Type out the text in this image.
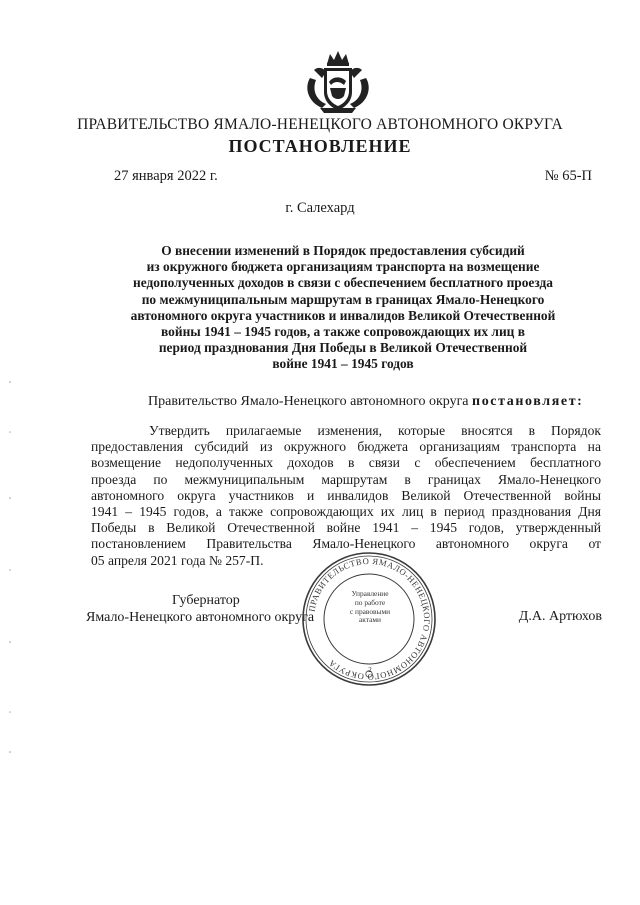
ПРАВИТЕЛЬСТВО ЯМАЛО-НЕНЕЦКОГО АВТОНОМНОГО ОКРУГА
ПОСТАНОВЛЕНИЕ
27 января 2022 г.	№ 65-П
г. Салехард
О внесении изменений в Порядок предоставления субсидий
из окружного бюджета организациям транспорта на возмещение
недополученных доходов в связи с обеспечением бесплатного проезда
по межмуниципальным маршрутам в границах Ямало-Ненецкого
автономного округа участников и инвалидов Великой Отечественной
войны 1941 – 1945 годов, а также сопровождающих их лиц в
период празднования Дня Победы в Великой Отечественной
войне 1941 – 1945 годов
Правительство Ямало-Ненецкого автономного округа постановляет:
Утвердить прилагаемые изменения, которые вносятся в Порядок
предоставления субсидий из окружного бюджета организациям транспорта на
возмещение недополученных доходов в связи с обеспечением бесплатного
проезда по межмуниципальным маршрутам в границах Ямало-Ненецкого
автономного округа участников и инвалидов Великой Отечественной войны
1941 – 1945 годов, а также сопровождающих их лиц в период празднования Дня
Победы в Великой Отечественной войне 1941 – 1945 годов, утвержденный
постановлением Правительства Ямало-Ненецкого автономного округа от
05 апреля 2021 года № 257-П.
Губернатор
Ямало-Ненецкого автономного округа	Д.А. Артюхов
ПРАВИТЕЛЬСТВО ЯМАЛО-НЕНЕЦКОГО АВТОНОМНОГО ОКРУГА
Управление
по работе
с правовыми
актами
2
